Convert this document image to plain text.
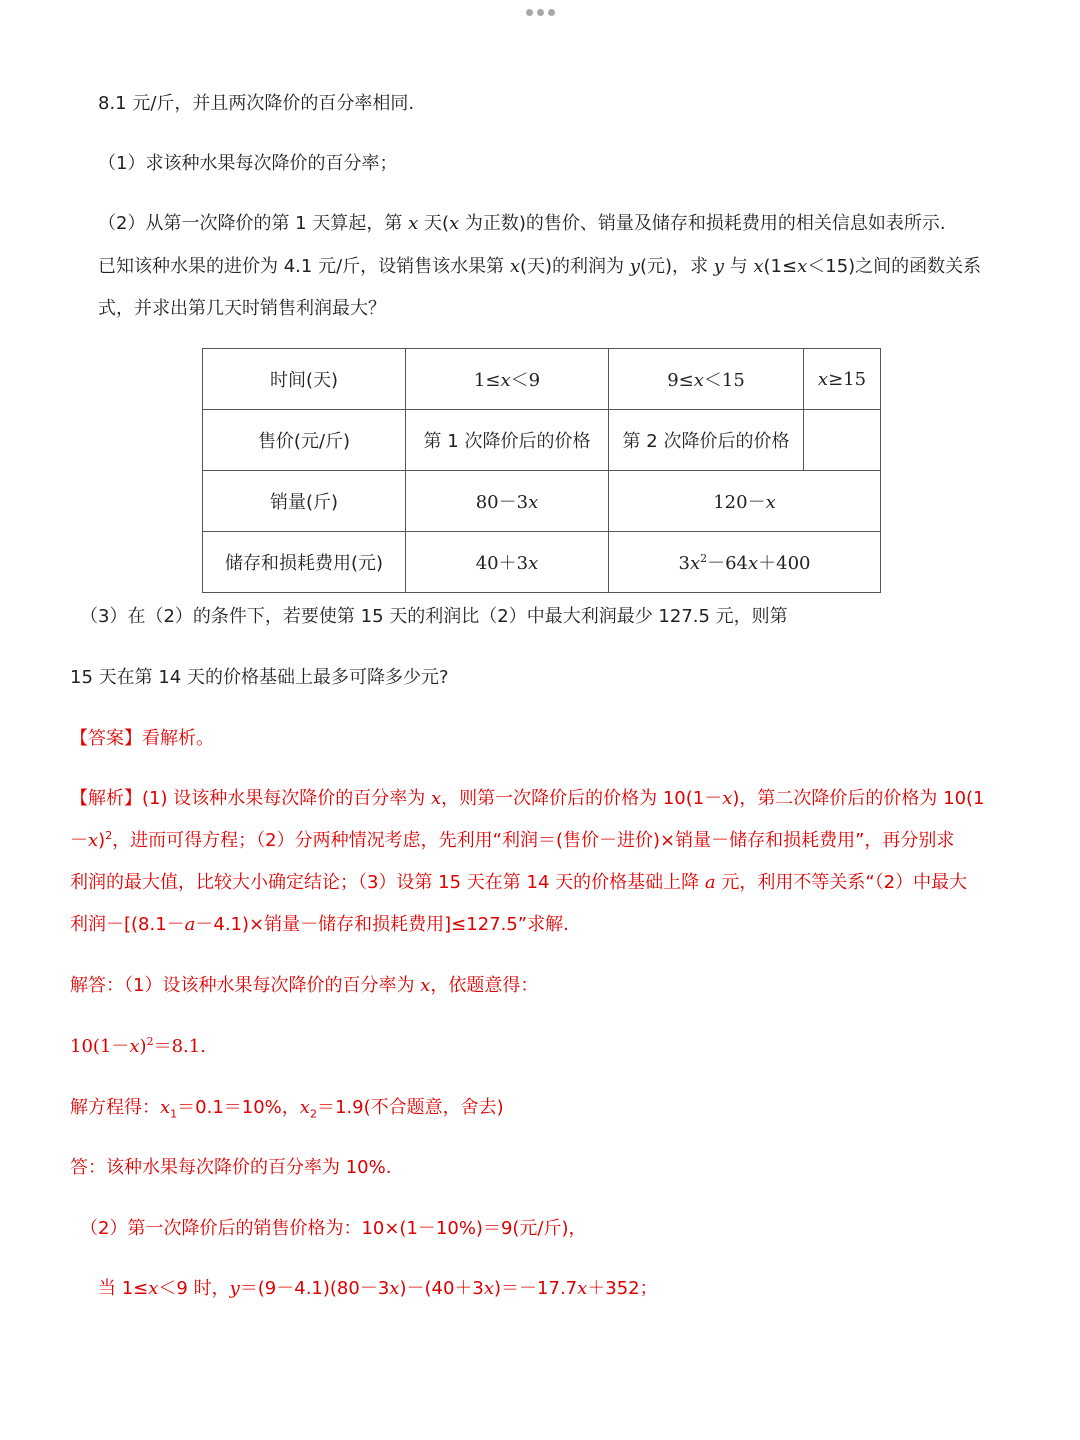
8.1 元/斤，并且两次降价的百分率相同.
（1）求该种水果每次降价的百分率；
（2）从第一次降价的第 1 天算起，第 x 天(x 为正数)的售价、销量及储存和损耗费用的相关信息如表所示.
已知该种水果的进价为 4.1 元/斤，设销售该水果第 x(天)的利润为 y(元)，求 y 与 x(1≤x＜15)之间的函数关系
式，并求出第几天时销售利润最大？
时间(天)	1≤x＜9	9≤x＜15	x≥15
售价(元/斤)	第 1 次降价后的价格	第 2 次降价后的价格	
销量(斤)	80－3x	120－x	
储存和损耗费用(元)	40＋3x	$3x^2-64x+400$	
（3）在（2）的条件下，若要使第 15 天的利润比（2）中最大利润最少 127.5 元，则第
15 天在第 14 天的价格基础上最多可降多少元?
【答案】看解析。
【解析】(1) 设该种水果每次降价的百分率为 x，则第一次降价后的价格为 10(1－x)，第二次降价后的价格为 10(1
－x)$^2$，进而可得方程；（2）分两种情况考虑，先利用“利润＝(售价－进价)×销量－储存和损耗费用”，再分别求
利润的最大值，比较大小确定结论；（3）设第 15 天在第 14 天的价格基础上降 a 元，利用不等关系“（2）中最大
利润－[(8.1－a－4.1)×销量－储存和损耗费用]≤127.5”求解.
解答：（1）设该种水果每次降价的百分率为 x，依题意得：
$10(1-x)^2=8.1$.
解方程得：$x_1=0.1=10\%$，$x_2=1.9$(不合题意，舍去)
答：该种水果每次降价的百分率为 10%.
（2）第一次降价后的销售价格为：10×(1－10%)＝9(元/斤)，
当 1≤x＜9 时，y＝(9－4.1)(80－3x)－(40＋3x)＝－17.7x＋352；
